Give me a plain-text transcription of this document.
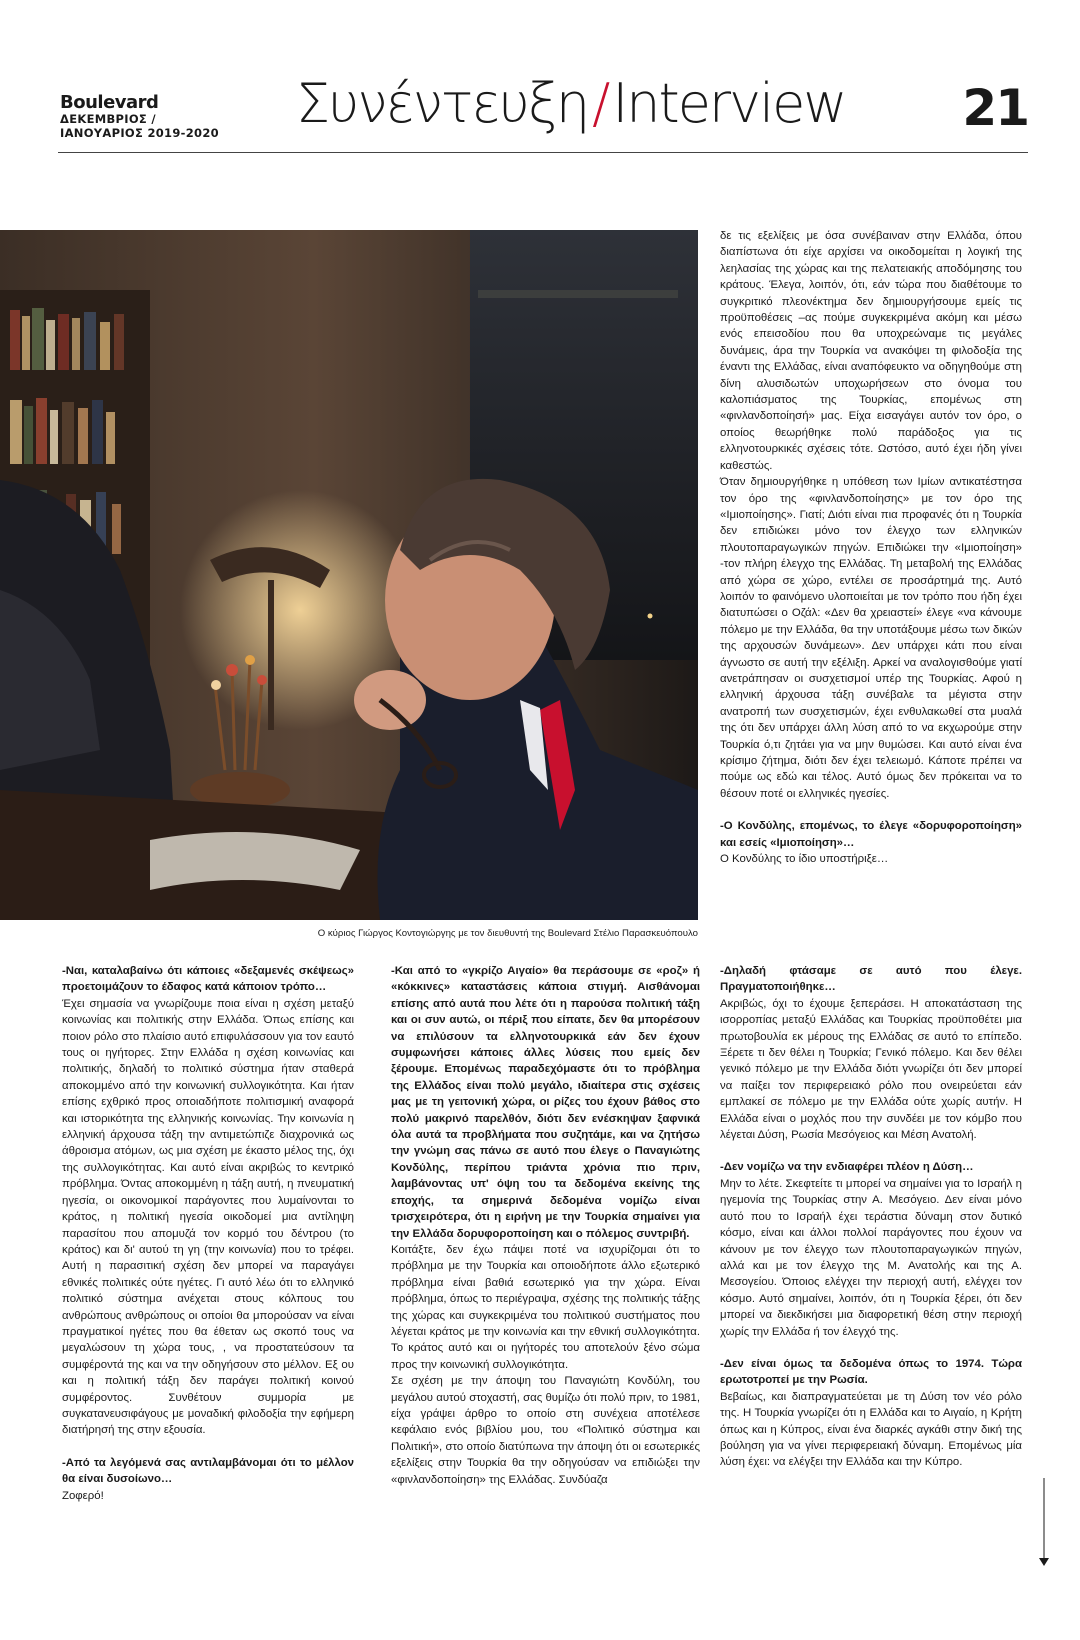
Boulevard
ΔΕΚΕΜΒΡΙΟΣ /
ΙΑΝΟΥΑΡΙΟΣ 2019-2020 Συνέντευξη/Interview 21
Ο κύριος Γιώργος Κοντογιώργης με τον διευθυντή της Boulevard Στέλιο Παρασκευόπουλο

δε τις εξελίξεις με όσα συνέβαιναν στην Ελλάδα, όπου διαπίστωνα ότι είχε αρχίσει να οικοδομείται η λογική της λεηλασίας της χώρας και της πελατειακής αποδόμησης του κράτους. Έλεγα, λοιπόν, ότι, εάν τώρα που διαθέτουμε το συγκριτικό πλεονέκτημα δεν δημιουργήσουμε εμείς τις προϋποθέσεις –ας πούμε συγκεκριμένα ακόμη και μέσω ενός επεισοδίου που θα υποχρεώναμε τις μεγάλες δυνάμεις, άρα την Τουρκία να ανακόψει τη φιλοδοξία της έναντι της Ελλάδας, είναι αναπόφευκτο να οδηγηθούμε στη δίνη αλυσιδωτών υποχωρήσεων στο όνομα του καλοπιάσματος της Τουρκίας, επομένως στη «φινλανδοποίησή» μας. Είχα εισαγάγει αυτόν τον όρο, ο οποίος θεωρήθηκε πολύ παράδοξος για τις ελληνοτουρκικές σχέσεις τότε. Ωστόσο, αυτό έχει ήδη γίνει καθεστώς.

Όταν δημιουργήθηκε η υπόθεση των Ιμίων αντικατέστησα τον όρο της «φινλανδοποίησης» με τον όρο της «Ιμιοποίησης». Γιατί; Διότι είναι πια προφανές ότι η Τουρκία δεν επιδιώκει μόνο τον έλεγχο των ελληνικών πλουτοπαραγωγικών πηγών. Επιδιώκει την «Ιμιοποίηση» -τον πλήρη έλεγχο της Ελλάδας. Τη μεταβολή της Ελλάδας από χώρα σε χώρο, εντέλει σε προσάρτημά της. Αυτό λοιπόν το φαινόμενο υλοποιείται με τον τρόπο που ήδη έχει διατυπώσει ο Οζάλ: «Δεν θα χρειαστεί» έλεγε «να κάνουμε πόλεμο με την Ελλάδα, θα την υποτάξουμε μέσω των δικών της αρχουσών δυνάμεων». Δεν υπάρχει κάτι που είναι άγνωστο σε αυτή την εξέλιξη. Αρκεί να αναλογισθούμε γιατί ανετράπησαν οι συσχετισμοί υπέρ της Τουρκίας. Αφού η ελληνική άρχουσα τάξη συνέβαλε τα μέγιστα στην ανατροπή των συσχετισμών, έχει ενθυλακωθεί στα μυαλά της ότι δεν υπάρχει άλλη λύση από το να εκχωρούμε στην Τουρκία ό,τι ζητάει για να μην θυμώσει. Και αυτό είναι ένα κρίσιμο ζήτημα, διότι δεν έχει τελειωμό. Κάποτε πρέπει να πούμε ως εδώ και τέλος. Αυτό όμως δεν πρόκειται να το θέσουν ποτέ οι ελληνικές ηγεσίες.

-Ο Κονδύλης, επομένως, το έλεγε «δορυφοροποίηση» και εσείς «Ιμιοποίηση»…

Ο Κονδύλης το ίδιο υποστήριξε…

-Ναι, καταλαβαίνω ότι κάποιες «δεξαμενές σκέψεως» προετοιμάζουν το έδαφος κατά κάποιον τρόπο…

Έχει σημασία να γνωρίζουμε ποια είναι η σχέση μεταξύ κοινωνίας και πολιτικής στην Ελλάδα. Όπως επίσης και ποιον ρόλο στο πλαίσιο αυτό επιφυλάσσουν για τον εαυτό τους οι ηγήτορες. Στην Ελλάδα η σχέση κοινωνίας και πολιτικής, δηλαδή το πολιτικό σύστημα ήταν σταθερά αποκομμένο από την κοινωνική συλλογικότητα. Και ήταν επίσης εχθρικό προς οποιαδήποτε πολιτισμική αναφορά και ιστορικότητα της ελληνικής κοινωνίας. Την κοινωνία η ελληνική άρχουσα τάξη την αντιμετώπιζε διαχρονικά ως άθροισμα ατόμων, ως μια σχέση με έκαστο μέλος της, όχι της συλλογικότητας. Και αυτό είναι ακριβώς το κεντρικό πρόβλημα. Όντας αποκομμένη η τάξη αυτή, η πνευματική ηγεσία, οι οικονομικοί παράγοντες που λυμαίνονται το κράτος, η πολιτική ηγεσία οικοδομεί μια αντίληψη παρασίτου που απομυζά τον κορμό του δέντρου (το κράτος) και δι' αυτού τη γη (την κοινωνία) που το τρέφει. Αυτή η παρασιτική σχέση δεν μπορεί να παραγάγει εθνικές πολιτικές ούτε ηγέτες. Γι αυτό λέω ότι το ελληνικό πολιτικό σύστημα ανέχεται στους κόλπους του ανθρώπους ανθρώπους οι οποίοι θα μπορούσαν να είναι πραγματικοί ηγέτες που θα έθεταν ως σκοπό τους να μεγαλώσουν τη χώρα τους, , να προστατεύσουν τα συμφέροντά της και να την οδηγήσουν στο μέλλον. Εξ ου και η πολιτική τάξη δεν παράγει πολιτική κοινού συμφέροντος. Συνθέτουν συμμορία με συγκατανευσιφάγους με μοναδική φιλοδοξία την εφήμερη διατήρησή της στην εξουσία.

-Από τα λεγόμενά σας αντιλαμβάνομαι ότι το μέλλον θα είναι δυσοίωνο…

Ζοφερό!

-Και από το «γκρίζο Αιγαίο» θα περάσουμε σε «ροζ» ή «κόκκινες» καταστάσεις κάποια στιγμή. Αισθάνομαι επίσης από αυτά που λέτε ότι η παρούσα πολιτική τάξη και οι συν αυτώ, οι πέριξ που είπατε, δεν θα μπορέσουν να επιλύσουν τα ελληνοτουρκικά εάν δεν έχουν συμφωνήσει κάποιες άλλες λύσεις που εμείς δεν ξέρουμε. Επομένως παραδεχόμαστε ότι το πρόβλημα της Ελλάδος είναι πολύ μεγάλο, ιδιαίτερα στις σχέσεις μας με τη γειτονική χώρα, οι ρίζες του έχουν βάθος στο πολύ μακρινό παρελθόν, διότι δεν ενέσκηψαν ξαφνικά όλα αυτά τα προβλήματα που συζητάμε, και να ζητήσω την γνώμη σας πάνω σε αυτό που έλεγε ο Παναγιώτης Κονδύλης, περίπου τριάντα χρόνια πιο πριν, λαμβάνοντας υπ' όψη του τα δεδομένα εκείνης της εποχής, τα σημερινά δεδομένα νομίζω είναι τρισχειρότερα, ότι η ειρήνη με την Τουρκία σημαίνει για την Ελλάδα δορυφοροποίηση και ο πόλεμος συντριβή.

Κοιτάξτε, δεν έχω πάψει ποτέ να ισχυρίζομαι ότι το πρόβλημα με την Τουρκία και οποιοδήποτε άλλο εξωτερικό πρόβλημα είναι βαθιά εσωτερικό για την χώρα. Είναι πρόβλημα, όπως το περιέγραψα, σχέσης της πολιτικής τάξης της χώρας και συγκεκριμένα του πολιτικού συστήματος που λέγεται κράτος με την κοινωνία και την εθνική συλλογικότητα. Το κράτος αυτό και οι ηγήτορές του αποτελούν ξένο σώμα προς την κοινωνική συλλογικότητα.

Σε σχέση με την άποψη του Παναγιώτη Κονδύλη, του μεγάλου αυτού στοχαστή, σας θυμίζω ότι πολύ πριν, το 1981, είχα γράψει άρθρο το οποίο στη συνέχεια αποτέλεσε κεφάλαιο ενός βιβλίου μου, του «Πολιτικό σύστημα και Πολιτική», στο οποίο διατύπωνα την άποψη ότι οι εσωτερικές εξελίξεις στην Τουρκία θα την οδηγούσαν να επιδιώξει την «φινλανδοποίηση» της Ελλάδας. Συνδύαζα

-Δηλαδή φτάσαμε σε αυτό που έλεγε. Πραγματοποιήθηκε…

Ακριβώς, όχι το έχουμε ξεπεράσει. Η αποκατάσταση της ισορροπίας μεταξύ Ελλάδας και Τουρκίας προϋποθέτει μια πρωτοβουλία εκ μέρους της Ελλάδας σε αυτό το επίπεδο. Ξέρετε τι δεν θέλει η Τουρκία; Γενικό πόλεμο. Και δεν θέλει γενικό πόλεμο με την Ελλάδα διότι γνωρίζει ότι δεν μπορεί να παίξει τον περιφερειακό ρόλο που ονειρεύεται εάν εμπλακεί σε πόλεμο με την Ελλάδα ούτε χωρίς αυτήν. Η Ελλάδα είναι ο μοχλός που την συνδέει με τον κόμβο που λέγεται Δύση, Ρωσία Μεσόγειος και Μέση Ανατολή.

-Δεν νομίζω να την ενδιαφέρει πλέον η Δύση…

Μην το λέτε. Σκεφτείτε τι μπορεί να σημαίνει για το Ισραήλ η ηγεμονία της Τουρκίας στην Α. Μεσόγειο. Δεν είναι μόνο αυτό που το Ισραήλ έχει τεράστια δύναμη στον δυτικό κόσμο, είναι και άλλοι πολλοί παράγοντες που έχουν να κάνουν με τον έλεγχο των πλουτοπαραγωγικών πηγών, αλλά και με τον έλεγχο της Μ. Ανατολής και της Α. Μεσογείου. Όποιος ελέγχει την περιοχή αυτή, ελέγχει τον κόσμο. Αυτό σημαίνει, λοιπόν, ότι η Τουρκία ξέρει, ότι δεν μπορεί να διεκδικήσει μια διαφορετική θέση στην περιοχή χωρίς την Ελλάδα ή τον έλεγχό της.

-Δεν είναι όμως τα δεδομένα όπως το 1974. Τώρα ερωτοτροπεί με την Ρωσία.

Βεβαίως, και διαπραγματεύεται με τη Δύση τον νέο ρόλο της. Η Τουρκία γνωρίζει ότι η Ελλάδα και το Αιγαίο, η Κρήτη όπως και η Κύπρος, είναι ένα διαρκές αγκάθι στην δική της βούληση για να γίνει περιφερειακή δύναμη. Επομένως μία λύση έχει: να ελέγξει την Ελλάδα και την Κύπρο.
